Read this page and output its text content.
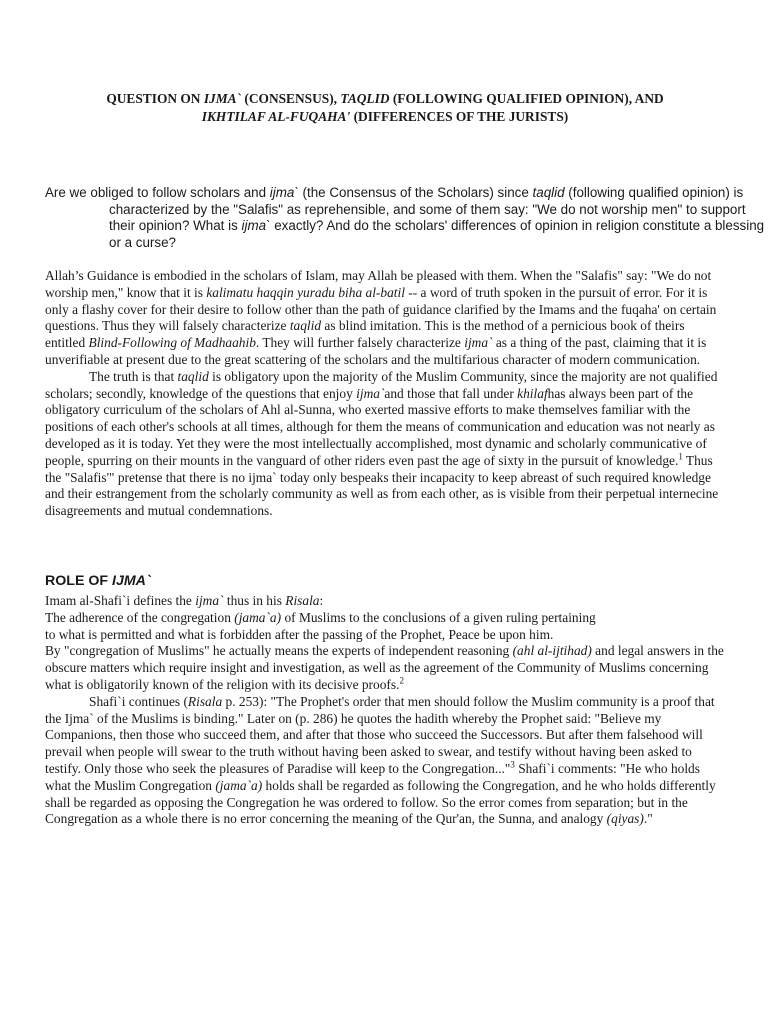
QUESTION ON IJMA` (CONSENSUS), TAQLID (FOLLOWING QUALIFIED OPINION), AND

IKHTILAF AL-FUQAHA' (DIFFERENCES OF THE JURISTS)

Are we obliged to follow scholars and ijma` (the Consensus of the Scholars) since taqlid (following qualified opinion) is characterized by the "Salafis" as reprehensible, and some of them say: "We do not worship men" to support their opinion? What is ijma` exactly? And do the scholars' differences of opinion in religion constitute a blessing or a curse?

Allah’s Guidance is embodied in the scholars of Islam, may Allah be pleased with them. When the "Salafis" say: "We do not worship men," know that it is kalimatu haqqin yuradu biha al-batil -- a word of truth spoken in the pursuit of error. For it is only a flashy cover for their desire to follow other than the path of guidance clarified by the Imams and the fuqaha' on certain questions. Thus they will falsely characterize taqlid as blind imitation. This is the method of a pernicious book of theirs entitled Blind-Following of Madhaahib. They will further falsely characterize ijma` as a thing of the past, claiming that it is unverifiable at present due to the great scattering of the scholars and the multifarious character of modern communication.

The truth is that taqlid is obligatory upon the majority of the Muslim Community, since the majority are not qualified scholars; secondly, knowledge of the questions that enjoy ijma`and those that fall under khilafhas always been part of the obligatory curriculum of the scholars of Ahl al-Sunna, who exerted massive efforts to make themselves familiar with the positions of each other's schools at all times, although for them the means of communication and education was not nearly as developed as it is today. Yet they were the most intellectually accomplished, most dynamic and scholarly communicative of people, spurring on their mounts in the vanguard of other riders even past the age of sixty in the pursuit of knowledge.$^1$ Thus the "Salafis'" pretense that there is no ijma` today only bespeaks their incapacity to keep abreast of such required knowledge and their estrangement from the scholarly community as well as from each other, as is visible from their perpetual internecine disagreements and mutual condemnations.

ROLE OF IJMA`

Imam al-Shafi`i defines the ijma` thus in his Risala:

The adherence of the congregation (jama`a) of Muslims to the conclusions of a given ruling pertaining

to what is permitted and what is forbidden after the passing of the Prophet, Peace be upon him.

By "congregation of Muslims" he actually means the experts of independent reasoning (ahl al-ijtihad) and legal answers in the obscure matters which require insight and investigation, as well as the agreement of the Community of Muslims concerning what is obligatorily known of the religion with its decisive proofs.$^2$

Shafi`i continues (Risala p. 253): "The Prophet's order that men should follow the Muslim community is a proof that the Ijma` of the Muslims is binding." Later on (p. 286) he quotes the hadith whereby the Prophet said: "Believe my Companions, then those who succeed them, and after that those who succeed the Successors. But after them falsehood will prevail when people will swear to the truth without having been asked to swear, and testify without having been asked to testify. Only those who seek the pleasures of Paradise will keep to the Congregation..."$^3$ Shafi`i comments: "He who holds what the Muslim Congregation (jama`a) holds shall be regarded as following the Congregation, and he who holds differently shall be regarded as opposing the Congregation he was ordered to follow. So the error comes from separation; but in the Congregation as a whole there is no error concerning the meaning of the Qur'an, the Sunna, and analogy (qiyas)."
